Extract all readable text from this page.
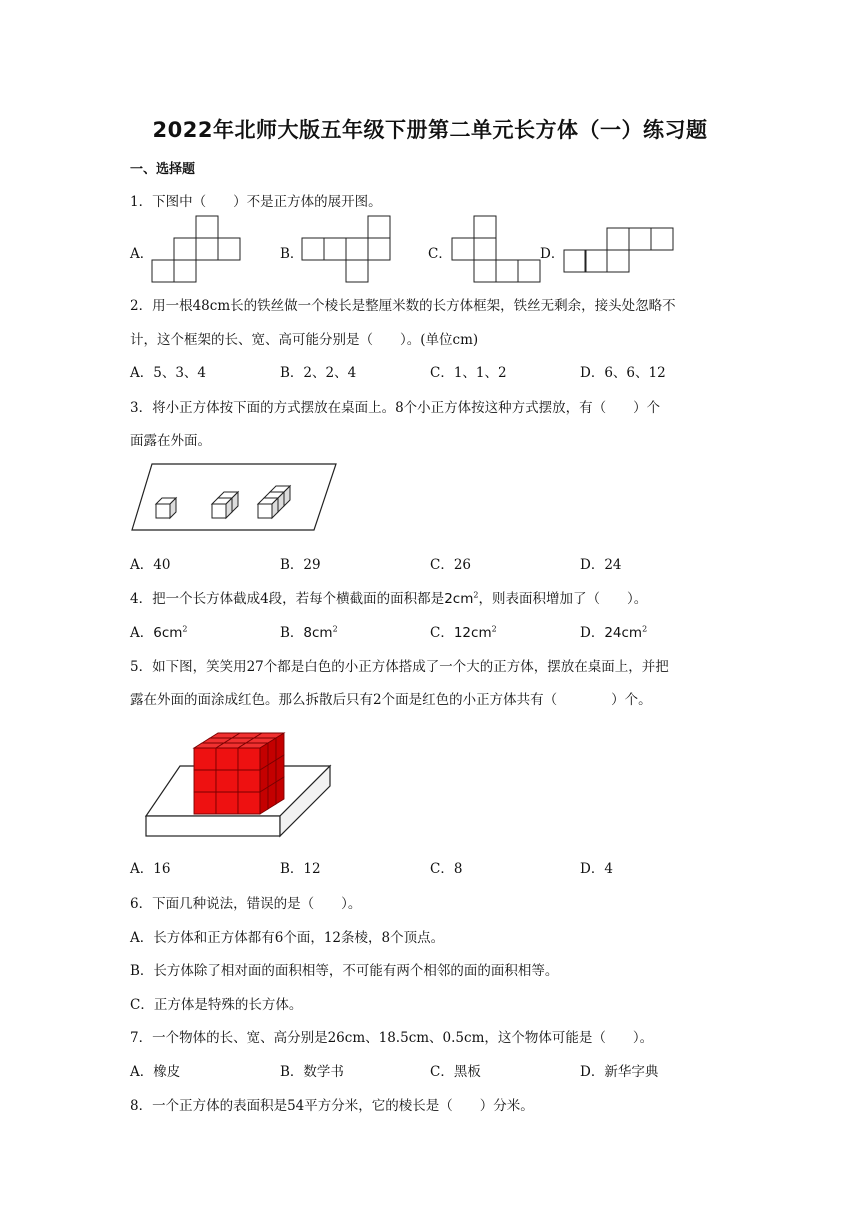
2022年北师大版五年级下册第二单元长方体（一）练习题
一、选择题
1．下图中（　　）不是正方体的展开图。
A．	B．	C．	D．
2．用一根48cm长的铁丝做一个棱长是整厘米数的长方体框架，铁丝无剩余，接头处忽略不
计，这个框架的长、宽、高可能分别是（　　）。(单位cm)
A．5、3、4	B．2、2、4	C．1、1、2	D．6、6、12
3．将小正方体按下面的方式摆放在桌面上。8个小正方体按这种方式摆放，有（　　）个
面露在外面。
A．40	B．29	C．26	D．24
4．把一个长方体截成4段，若每个横截面的面积都是$2cm^2$，则表面积增加了（　　）。
A．$6cm^2$	B．$8cm^2$	C．$12cm^2$	D．$24cm^2$
5．如下图，笑笑用27个都是白色的小正方体搭成了一个大的正方体，摆放在桌面上，并把
露在外面的面涂成红色。那么拆散后只有2个面是红色的小正方体共有（　　　　）个。
A．16	B．12	C．8	D．4
6．下面几种说法，错误的是（　　）。
A．长方体和正方体都有6个面，12条棱，8个顶点。
B．长方体除了相对面的面积相等，不可能有两个相邻的面的面积相等。
C．正方体是特殊的长方体。
7．一个物体的长、宽、高分别是26cm、18.5cm、0.5cm，这个物体可能是（　　）。
A．橡皮	B．数学书	C．黑板	D．新华字典
8．一个正方体的表面积是54平方分米，它的棱长是（　　）分米。
